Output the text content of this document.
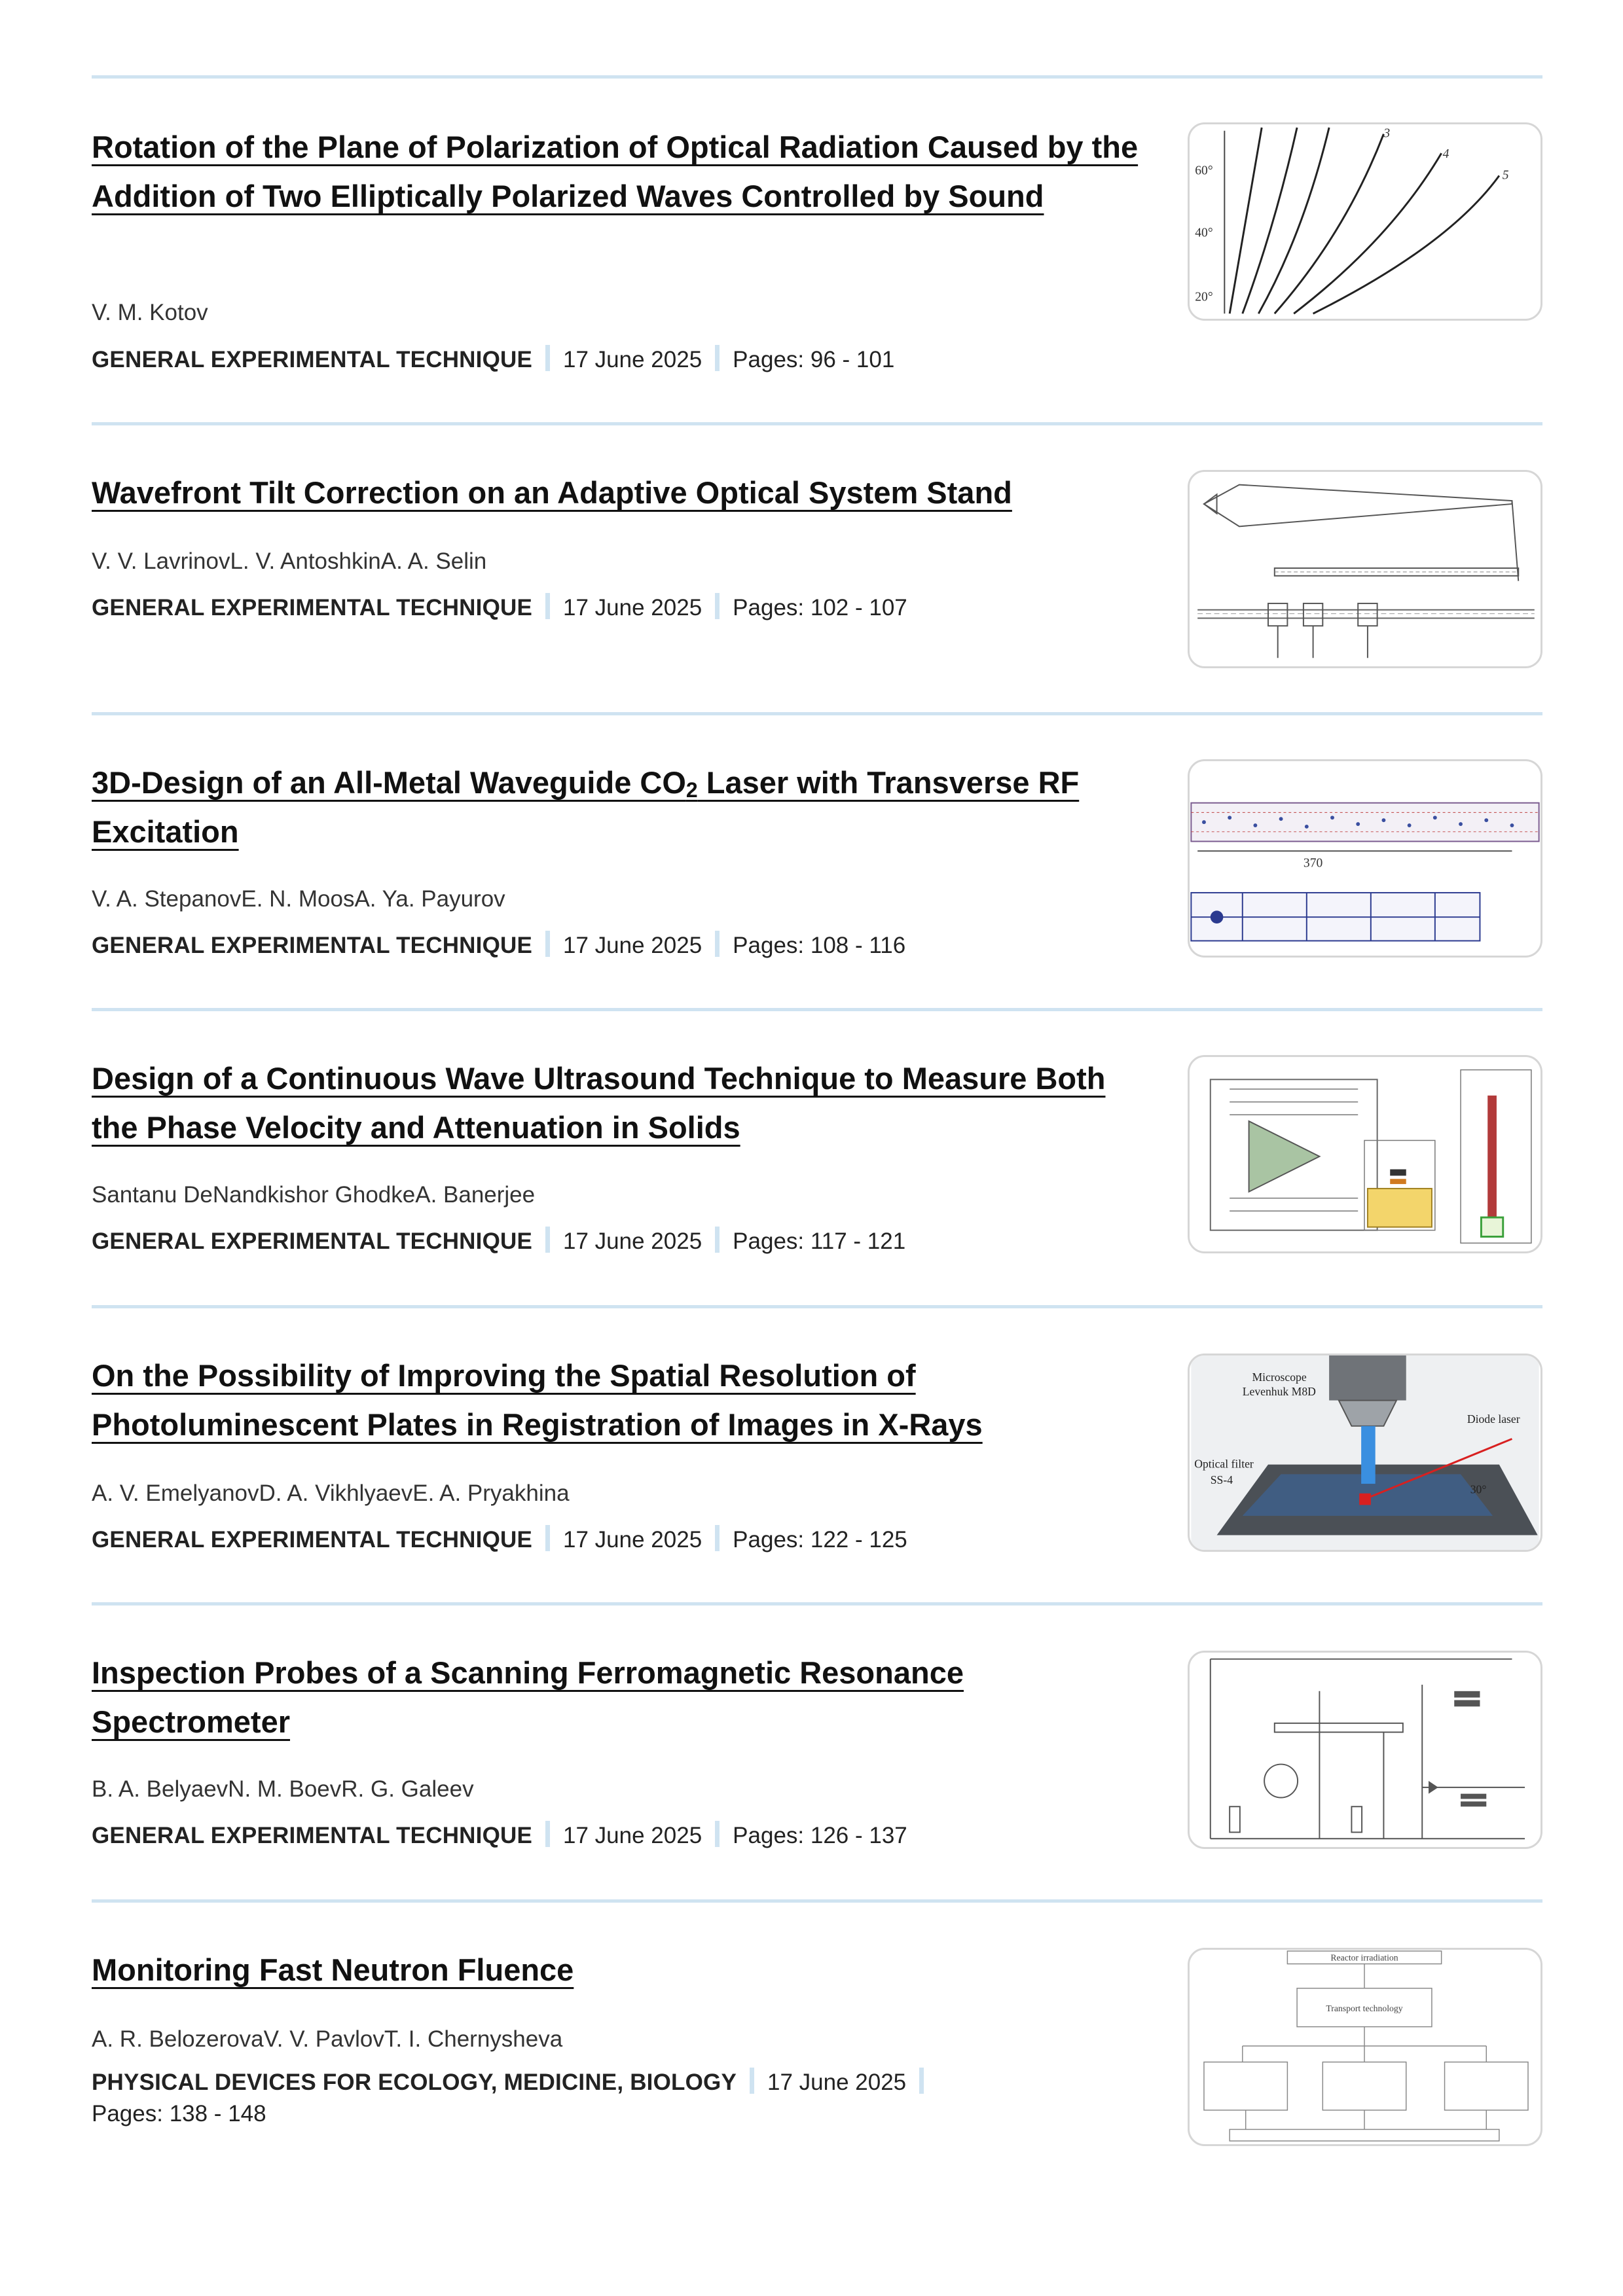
Rotation of the Plane of Polarization of Optical Radiation Caused by the Addition of Two Elliptically Polarized Waves Controlled by Sound
V. M. Kotov
GENERAL EXPERIMENTAL TECHNIQUE 17 June 2025 Pages: 96 - 101
60°
40°
20°
3
4
5
Wavefront Tilt Correction on an Adaptive Optical System Stand
V. V. LavrinovL. V. AntoshkinA. A. Selin
GENERAL EXPERIMENTAL TECHNIQUE 17 June 2025 Pages: 102 - 107
3D-Design of an All-Metal Waveguide $CO_2$ Laser with Transverse RF Excitation
V. A. StepanovE. N. MoosA. Ya. Payurov
GENERAL EXPERIMENTAL TECHNIQUE 17 June 2025 Pages: 108 - 116
370
Design of a Continuous Wave Ultrasound Technique to Measure Both the Phase Velocity and Attenuation in Solids
Santanu DeNandkishor GhodkeA. Banerjee
GENERAL EXPERIMENTAL TECHNIQUE 17 June 2025 Pages: 117 - 121
On the Possibility of Improving the Spatial Resolution of Photoluminescent Plates in Registration of Images in X-Rays
A. V. EmelyanovD. A. VikhlyaevE. A. Pryakhina
GENERAL EXPERIMENTAL TECHNIQUE 17 June 2025 Pages: 122 - 125
Microscope
Levenhuk M8D
Diode laser
Optical filter
SS-4
30°
Inspection Probes of a Scanning Ferromagnetic Resonance Spectrometer
B. A. BelyaevN. M. BoevR. G. Galeev
GENERAL EXPERIMENTAL TECHNIQUE 17 June 2025 Pages: 126 - 137
Monitoring Fast Neutron Fluence
A. R. BelozerovaV. V. PavlovT. I. Chernysheva
PHYSICAL DEVICES FOR ECOLOGY, MEDICINE, BIOLOGY 17 June 2025
Pages: 138 - 148
Reactor irradiation
Transport technology
